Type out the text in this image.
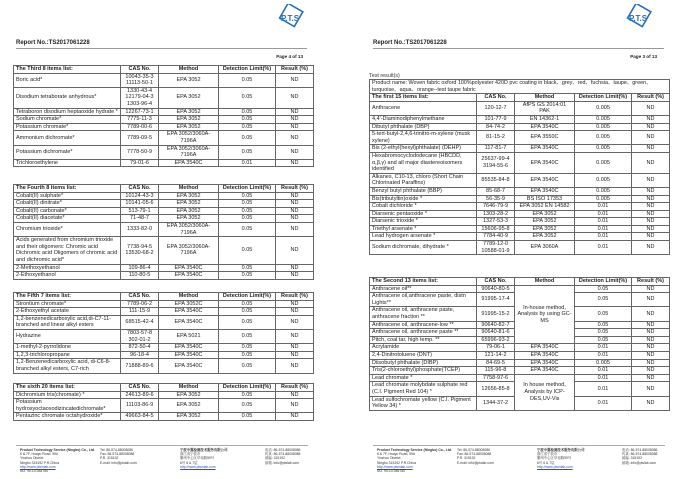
P.T.S
Report No.:TS2017061228
Page 4 of 13
The Third 8 items list:	CAS No.	Method	Detection Limit(%)	Result (%)
Boric acid*	10043-35-3
11113-50-1	EPA 3052	0.05	ND
Disodium tetraborate anhydrous*	1330-43-4
12179-04-3
1303-96-4	EPA 3052	0.05	ND
Tetraboron disodium heptaoxide hydrate *	12267-73-1	EPA 3052	0.05	ND
Sodium chromate*	7775-11-3	EPA 3052	0.05	ND
Potassium chromate*	7789-00-6	EPA 3052	0.05	ND
Ammonium dichromate*	7789-09-5	EPA 3052/3060A-7196A	0.05	ND
Potassium dichromate*	7778-50-9	EPA 3052/3060A-7196A	0.05	ND
Trichloroethylene	79-01-6	EPA 3540C	0.01	ND
The Fourth 8 items list:	CAS No.	Method	Detection Limit(%)	Result (%)
Cobalt(II) sulphate*	10124-43-3	EPA 3052	0.05	ND
Cobalt(II) dinitrate*	10141-05-6	EPA 3052	0.05	ND
Cobalt(II) carbonate*	513-79-1	EPA 3052	0.05	ND
Cobalt(II) diacetate*	71-48-7	EPA 3052	0.05	ND
Chromium trioxide*	1333-82-0	EPA 3052/3060A-7196A	0.05	ND
Acids generated from chromium trioxide and their oligomers: Chromic acid
Dichromic acid Oligomers of chromic acid and dichromic acid*	7738-94-5
13530-68-2	EPA 3052/3060A-7196A	0.05	ND
2-Methoxyethanol	109-86-4	EPA 3540C	0.05	ND
2-Ethoxyethanol	110-80-5	EPA 3540C	0.05	ND
The Fifth 7 items list:	CAS No.	Method	Detection Limit(%)	Result (%)
Strontium chromate*	7789-06-2	EPA 3052C	0.05	ND
2-Ethoxyethyl acetate	111-15-9	EPA 3540C	0.05	ND
1,2-benzenedicarboxylic acid,di-C7-11-branched and linear alkyl esters	68515-42-4	EPA 3540C	0.05	ND
Hydrazine	7803-57-8
302-01-2	EPA 5021	0.05	ND
1-methyl-2-pyrrolidone	872-50-4	EPA 3540C	0.05	ND
1,2,3-trichloropropane	96-18-4	EPA 3540C	0.05	ND
1,2-Benzenedicarboxylic acid, di-C6-8-branched alkyl esters, C7-rich	71888-89-6	EPA 3540C	0.05	ND
The sixth 20 items list:	CAS No.	Method	Detection Limit(%)	Result (%)
Dichromium tris(chromate) *	24613-89-6	EPA 3052	0.05	ND
Potassium hydroxyoctaoxodizincatedichromate*	11103-86-9	EPA 3052	0.05	ND
Pentazinc chromate octahydroxide*	49663-84-5	EPA 3052	0.05	ND
Product Technology Service (Ningbo) Co., Ltd.
6 & 7F, Huayu Road, 59#
Yinzhou District
Ningbo 315192 P.R.China
http://www.ptsinlab.com
NO. 90-10-084780
Tel: 86-574-88008086
Fax: 86-574-88008088
P.R. 315192
E-mail: info@ptslab.com
宁波中翼检测技术服务有限公司
浙江省宁波市
鄞州中心区华裕路59号
6号 6 & 7层
http://www.ptsinlab.com
电话: 86-574-88008086
传真: 86-574-88008088
邮编: 315192
邮箱: info@ptslab.com
P.T.S
Report No.:TS2017061228
Page 3 of 13
Test result(s)
Product name: Woven fabric oxford 100%polyester 420D pvc coating in black、grey、red、fuchsia、taupe、green、turquoise、aqua、orange--test taupe fabric				
The first 15 items list:	CAS No.	Method	Detection Limit(%)	Result (%)
Anthracene	120-12-7	AfPS GS 2014:01 PAK	0.005	ND
4,4'-Diaminodiphenylmethane	101-77-9	EN 14362-1	0.005	ND
Dibutyl phthalate (DBP)	84-74-2	EPA 3540C	0.005	ND
5-tert-butyl-2,4,6-trinitro-m-xylene (musk xylene)	81-15-2	EPA 3550C	0.005	ND
Bis (2-ethyl(hexyl)phthalate) (DEHP)	117-81-7	EPA 3540C	0.005	ND
Hexabromocyclododecane (HBCDD, α,β,γ) and all major diastereoisomers identified	25637-99-4
3194-55-6	EPA 3540C	0.005	ND
Alkanes, C10-13, chloro (Short Chain Chlorinated Paraffins)	85535-84-8	EPA 3540C	0.005	ND
Benzyl butyl phthalate (BBP)	85-68-7	EPA 3540C	0.005	ND
Bis(tributyltin)oxide *	56-35-9	BS ISO 17353	0.005	ND
Cobalt dichloride *	7646-79-9	EPA 3052 EN 14582	0.01	ND
Diarsenic pentaoxide *	1303-28-2	EPA 3052	0.01	ND
Diarsenic trioxide *	1327-53-3	EPA 3052	0.01	ND
Triethyl arsenate *	15606-95-8	EPA 3052	0.01	ND
Lead hydrogen arsenate *	7784-40-9	EPA 3052	0.01	ND
Sodium dichromate, dihydrate *	7789-12-0
10588-01-9	EPA 3060A	0.01	ND
The Second 13 items list:	CAS No.	Method	Detection Limit(%)	Result (%)
Anthracene oil**	90640-80-5	In-house method, Analysis by using GC-MS	0.05	ND
Anthracene oil,anthracene paste, distn Lights**	91995-17-4		0.05	ND
Anthracene oil, anthracene paste, anthracene fraction **	91995-15-2		0.05	ND
Anthracene oil, anthracene-low **	90640-82-7		0.05	ND
Anthracene oil, anthracene paste **	90640-81-6		0.05	ND
Pitch, coal tar, high temp. **	65996-93-2		0.05	ND
Acrylamide	79-06-1	EPA 3540C	0.01	ND
2,4-Dinitrotoluene (DNT)	121-14-2	EPA 3540C	0.01	ND
Diisobutyl phthalate (DIBP)	84-69-5	EPA 3540C	0.005	ND
Tris(2-chloroethyl)phosphate(TCEP)	115-96-8	EPA 3540C	0.01	ND
Lead chromate *	7758-97-6	In house method, Analysis by ICP-OES,UV-Vis	0.01	ND
Lead chromate molybdate sulphate red (C.I. Pigment Red 104) *	12656-85-8		0.01	ND
Lead sulfochromate yellow (C.I. Pigment Yellow 34) *	1344-37-2		0.01	ND
Product Technology Service (Ningbo) Co., Ltd.
6 & 7F, Huayu Road, 59#
Yinzhou District
Ningbo 315192 P.R.China
http://www.ptsinlab.com
NO. 90-10-084780
Tel: 86-574-88008086
Fax: 86-574-88008088
P.R. 315192
E-mail: info@ptslab.com
宁波中翼检测技术服务有限公司
浙江省宁波市
鄞州中心区华裕路59号
6号 6 & 7层
http://www.ptsinlab.com
电话: 86-574-88008086
传真: 86-574-88008088
邮编: 315192
邮箱: info@ptslab.com
